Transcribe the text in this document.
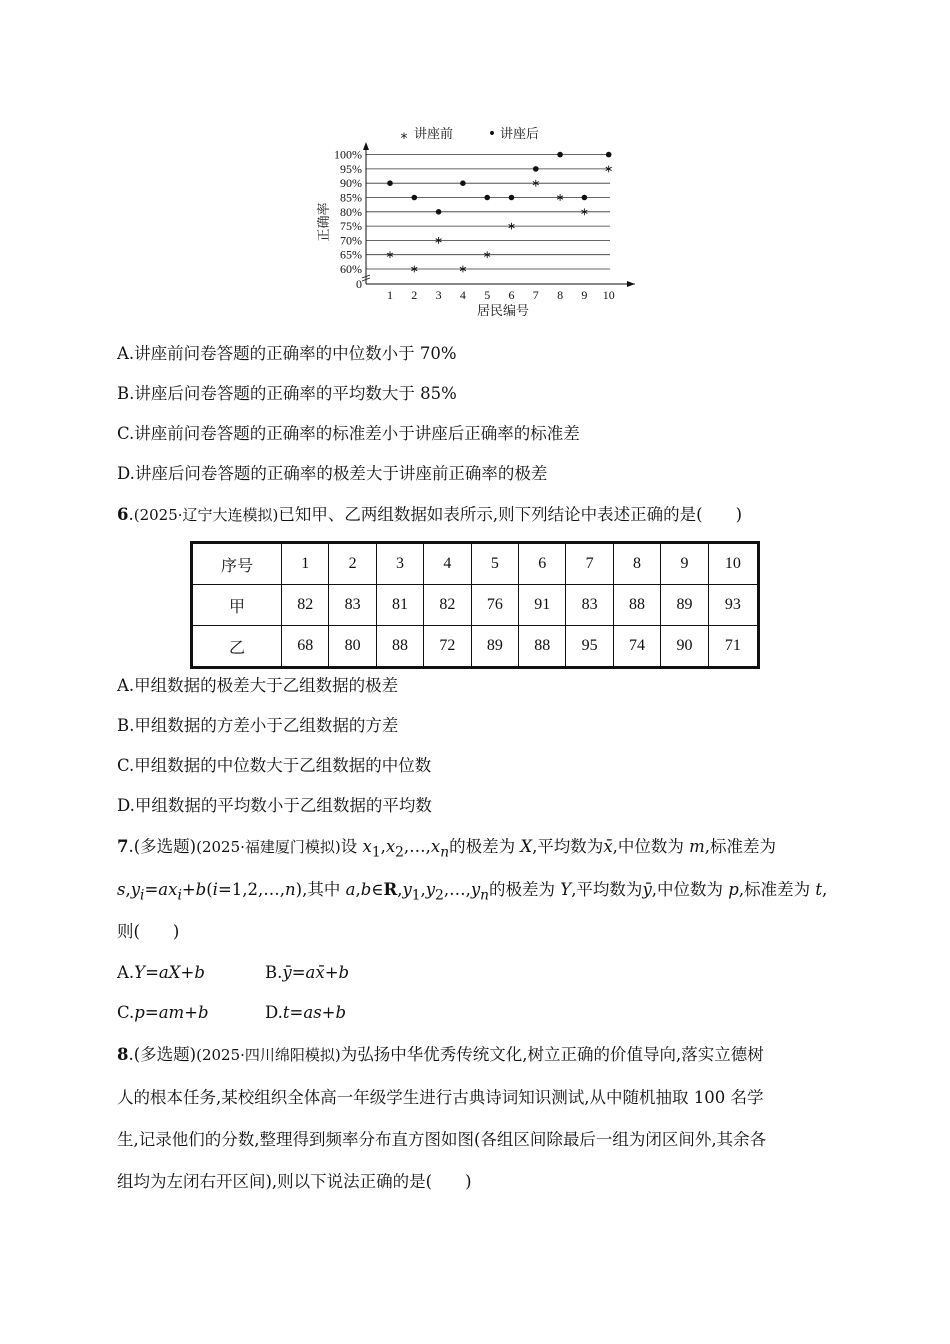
0
60%
65%
70%
75%
80%
85%
90%
95%
100%
1 2 3 4 5 6 7 8 9 10
* 讲座前 • 讲座后
正确率
居民编号
A.讲座前问卷答题的正确率的中位数小于 70%
B.讲座后问卷答题的正确率的平均数大于 85%
C.讲座前问卷答题的正确率的标准差小于讲座后正确率的标准差
D.讲座后问卷答题的正确率的极差大于讲座前正确率的极差
6.(2025·辽宁大连模拟)已知甲、乙两组数据如表所示,则下列结论中表述正确的是(　　)
序号	1	2	3	4	5	6	7	8	9	10
甲	82	83	81	82	76	91	83	88	89	93
乙	68	80	88	72	89	88	95	74	90	71
A.甲组数据的极差大于乙组数据的极差
B.甲组数据的方差小于乙组数据的方差
C.甲组数据的中位数大于乙组数据的中位数
D.甲组数据的平均数小于乙组数据的平均数
7.(多选题)(2025·福建厦门模拟)设 $x_1,x_2,\dots,x_n$的极差为 X,平均数为x̄,中位数为 m,标准差为
$s,y_i=ax_i+b(i=1,2,\dots,n)$,其中 $a,b\in R,y_1,y_2,\dots,y_n$的极差为 Y,平均数为ȳ,中位数为 p,标准差为 t,
则(　　)
A.Y=aX+b	B.ȳ=ax̄+b
C.p=am+b	D.t=as+b
8.(多选题)(2025·四川绵阳模拟)为弘扬中华优秀传统文化,树立正确的价值导向,落实立德树
人的根本任务,某校组织全体高一年级学生进行古典诗词知识测试,从中随机抽取 100 名学
生,记录他们的分数,整理得到频率分布直方图如图(各组区间除最后一组为闭区间外,其余各
组均为左闭右开区间),则以下说法正确的是(　　)
